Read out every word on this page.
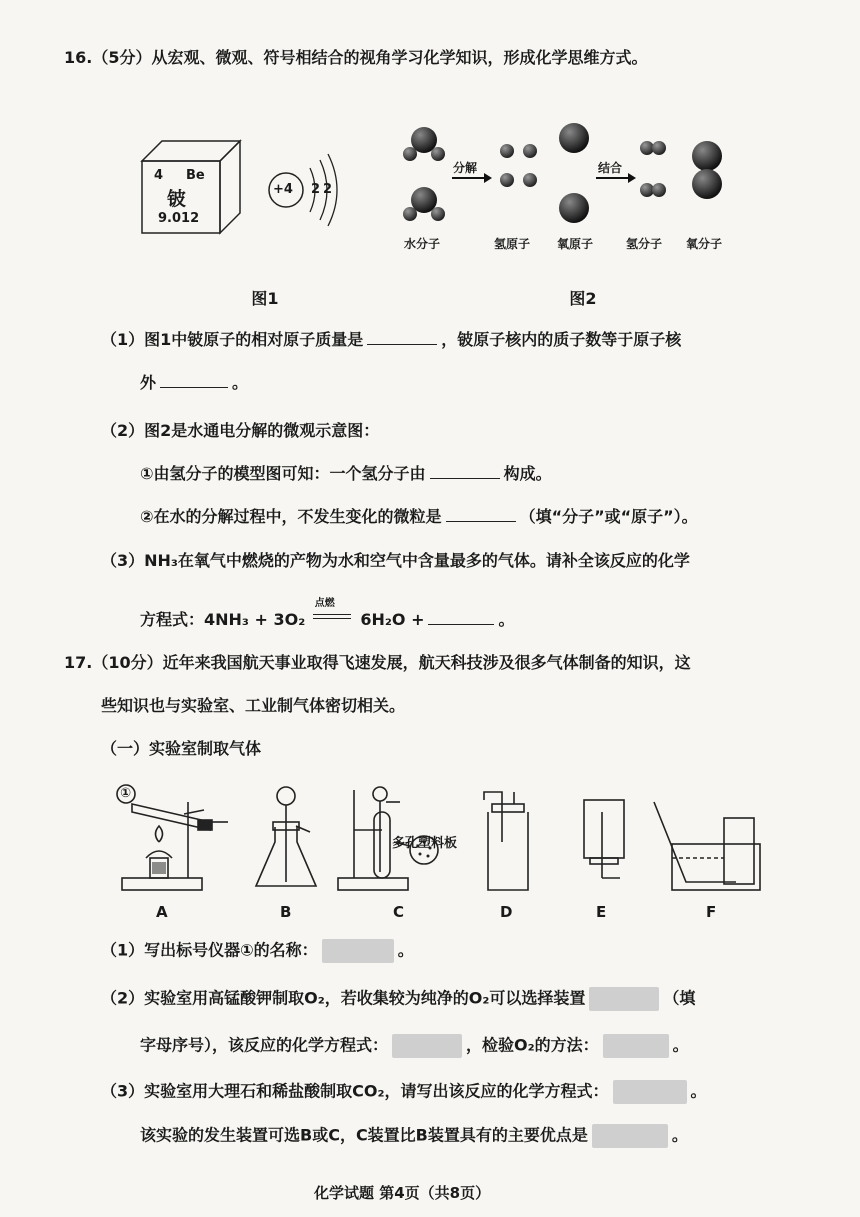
16.（5分）从宏观、微观、符号相结合的视角学习化学知识，形成化学思维方式。
4 Be
铍
9.012
+4 2 2
图1
分解	结合
水分子	氢原子 氧原子	氢分子 氧分子
图2
（1）图1中铍原子的相对原子质量是	，铍原子核内的质子数等于原子核
外	。
（2）图2是水通电分解的微观示意图：
①由氢分子的模型图可知：一个氢分子由	构成。
②在水的分解过程中，不发生变化的微粒是	（填“分子”或“原子”）。
（3）NH₃在氧气中燃烧的产物为水和空气中含量最多的气体。请补全该反应的化学
方程式：4NH₃ + 3O₂
点燃
6H₂O +	。
17.（10分）近年来我国航天事业取得飞速发展，航天科技涉及很多气体制备的知识，这
些知识也与实验室、工业制气体密切相关。
（一）实验室制取气体
①
多孔塑料板
A	B	C	D	E	F
（1）写出标号仪器①的名称：	。
（2）实验室用高锰酸钾制取O₂，若收集较为纯净的O₂可以选择装置	（填
字母序号），该反应的化学方程式：	，检验O₂的方法：	。
（3）实验室用大理石和稀盐酸制取CO₂，请写出该反应的化学方程式：	。
该实验的发生装置可选B或C，C装置比B装置具有的主要优点是	。
化学试题 第4页（共8页）
